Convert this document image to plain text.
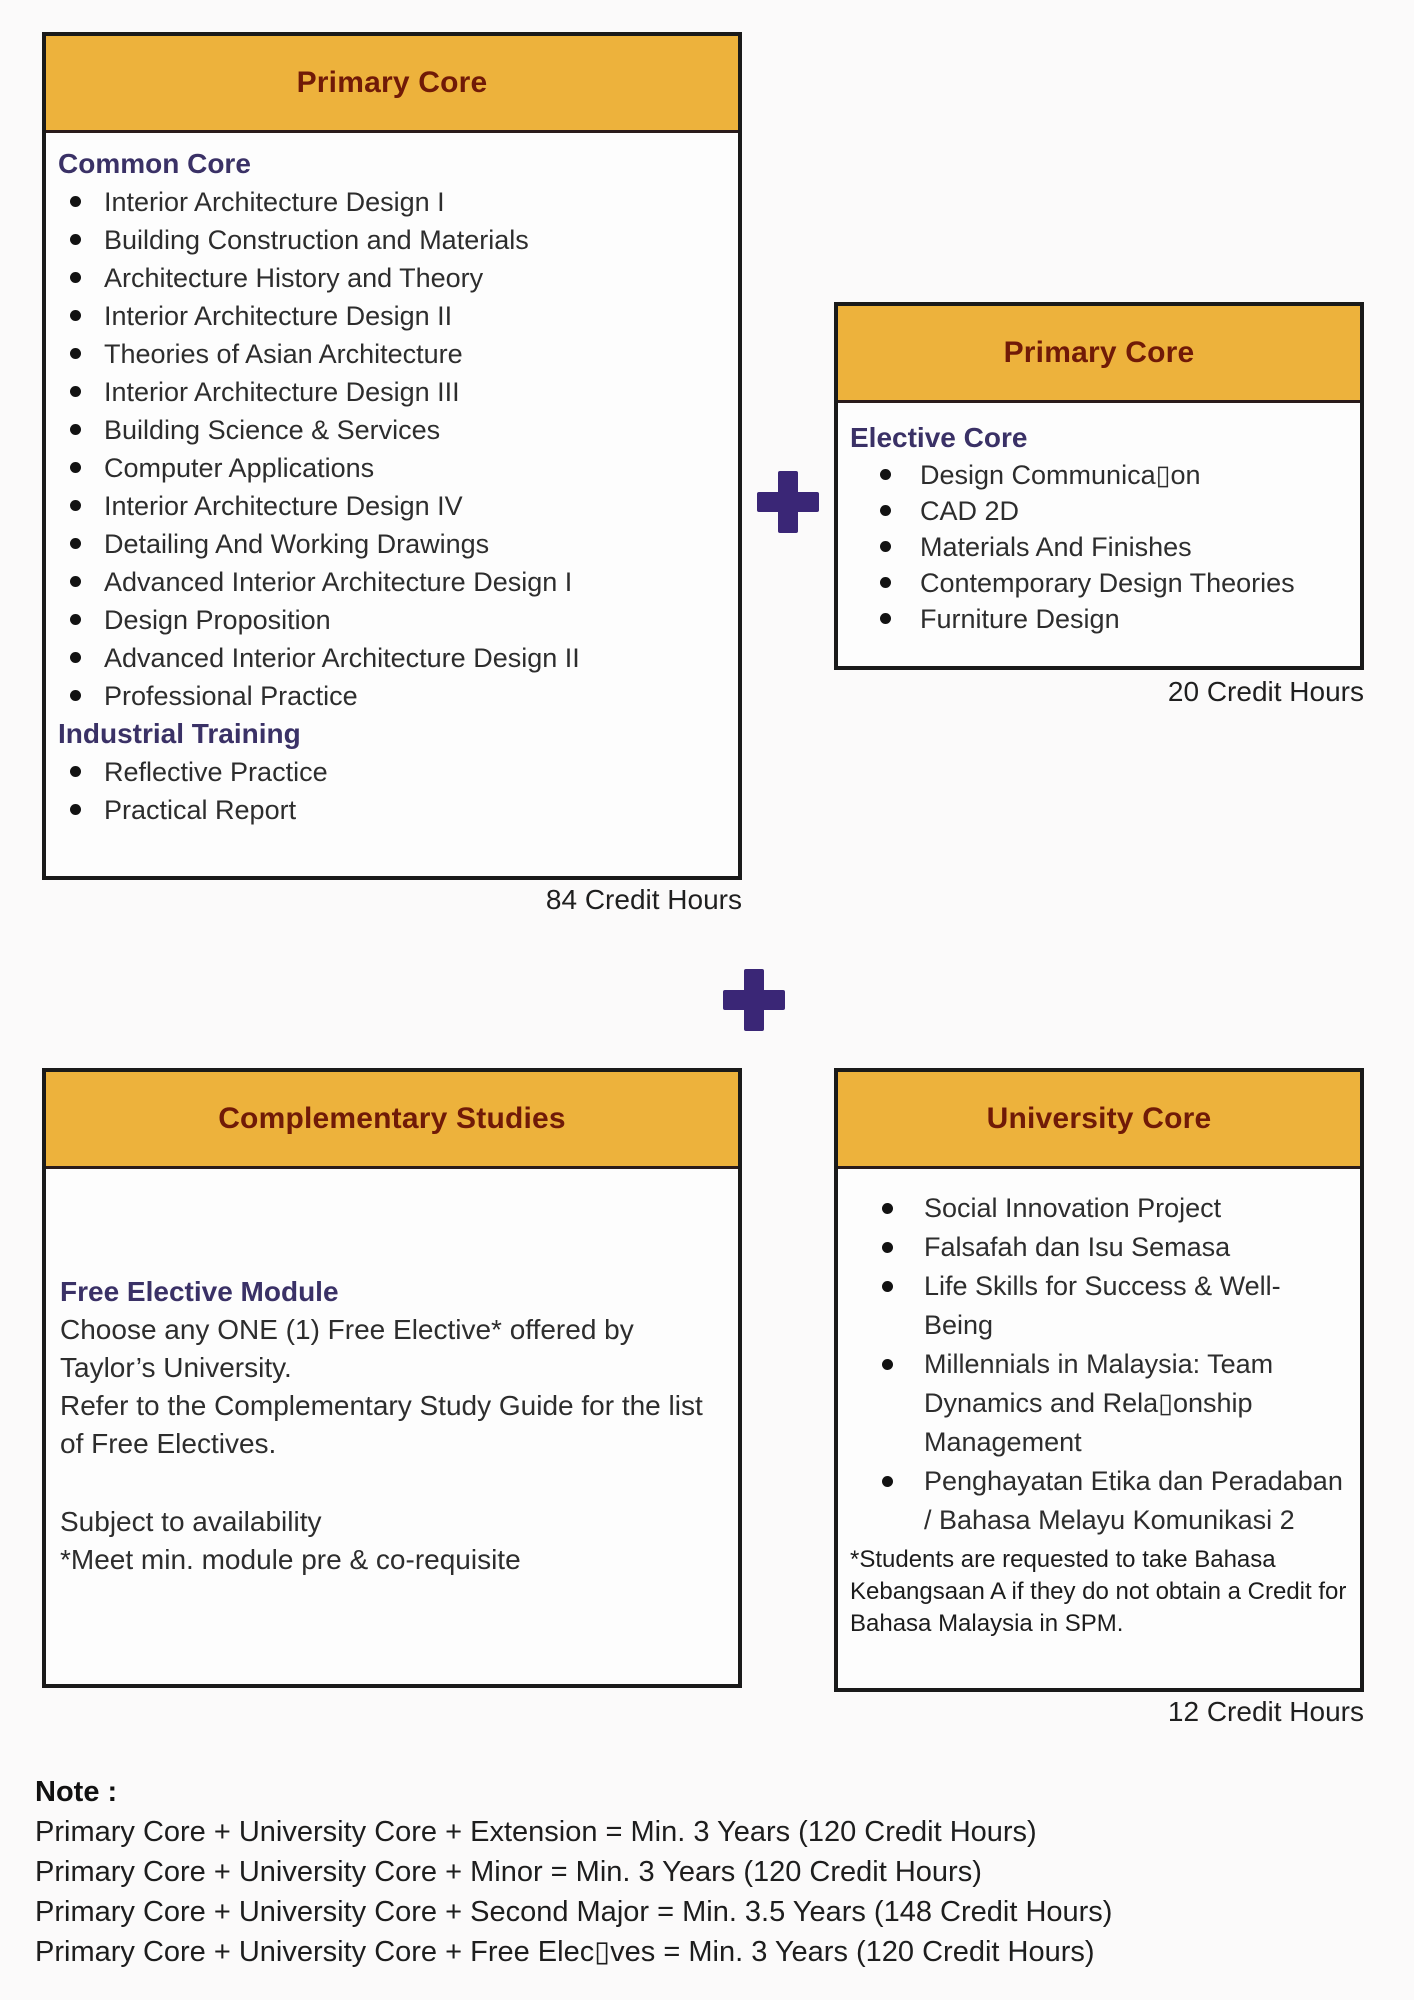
Primary Core
Common Core
Interior Architecture Design I
Building Construction and Materials
Architecture History and Theory
Interior Architecture Design II
Theories of Asian Architecture
Interior Architecture Design III
Building Science & Services
Computer Applications
Interior Architecture Design IV
Detailing And Working Drawings
Advanced Interior Architecture Design I
Design Proposition
Advanced Interior Architecture Design II
Professional Practice
Industrial Training
Reflective Practice
Practical Report
84 Credit Hours
Primary Core
Elective Core
Design Communica▯on
CAD 2D
Materials And Finishes
Contemporary Design Theories
Furniture Design
20 Credit Hours
Complementary Studies
Free Elective Module

Choose any ONE (1) Free Elective* offered by Taylor’s University.

Refer to the Complementary Study Guide for the list of Free Electives.

Subject to availability

*Meet min. module pre & co-requisite

University Core
Social Innovation Project
Falsafah dan Isu Semasa
Life Skills for Success & Well-Being
Millennials in Malaysia: Team Dynamics and Rela▯onship Management
Penghayatan Etika dan Peradaban / Bahasa Melayu Komunikasi 2
*Students are requested to take Bahasa Kebangsaan A if they do not obtain a Credit for Bahasa Malaysia in SPM.
12 Credit Hours
Note :
Primary Core + University Core + Extension = Min. 3 Years (120 Credit Hours)
Primary Core + University Core + Minor = Min. 3 Years (120 Credit Hours)
Primary Core + University Core + Second Major = Min. 3.5 Years (148 Credit Hours)
Primary Core + University Core + Free Elec▯ves = Min. 3 Years (120 Credit Hours)
